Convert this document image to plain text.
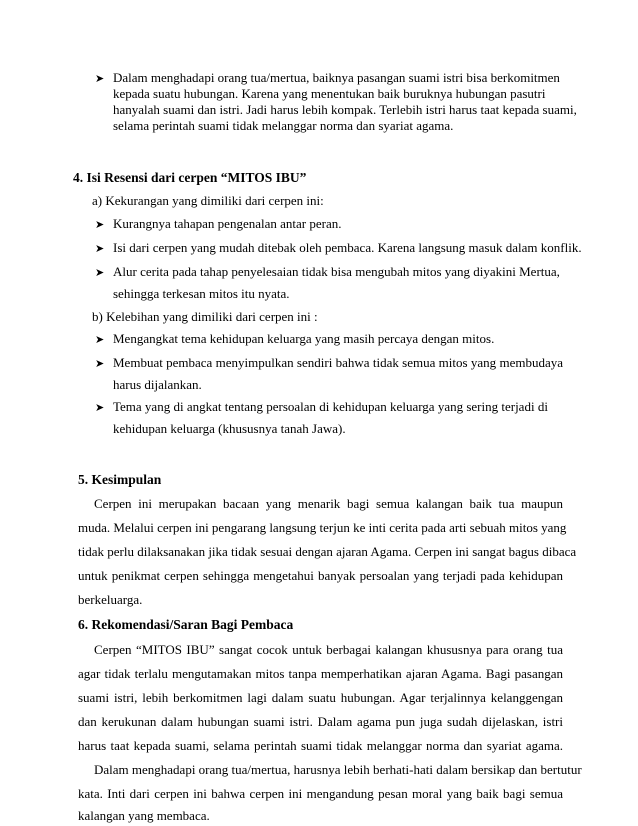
➤ Dalam menghadapi orang tua/mertua, baiknya pasangan suami istri bisa berkomitmen
kepada suatu hubungan. Karena yang menentukan baik buruknya hubungan pasutri
hanyalah suami dan istri. Jadi harus lebih kompak. Terlebih istri harus taat kepada suami,
selama perintah suami tidak melanggar norma dan syariat agama.
4. Isi Resensi dari cerpen “MITOS IBU”
a) Kekurangan yang dimiliki dari cerpen ini:
➤ Kurangnya tahapan pengenalan antar peran.
➤ Isi dari cerpen yang mudah ditebak oleh pembaca. Karena langsung masuk dalam konflik.
➤ Alur cerita pada tahap penyelesaian tidak bisa mengubah mitos yang diyakini Mertua,
sehingga terkesan mitos itu nyata.
b) Kelebihan yang dimiliki dari cerpen ini :
➤ Mengangkat tema kehidupan keluarga yang masih percaya dengan mitos.
➤ Membuat pembaca menyimpulkan sendiri bahwa tidak semua mitos yang membudaya
harus dijalankan.
➤ Tema yang di angkat tentang persoalan di kehidupan keluarga yang sering terjadi di
kehidupan keluarga (khususnya tanah Jawa).
5. Kesimpulan
Cerpen ini merupakan bacaan yang menarik bagi semua kalangan baik tua maupun
muda. Melalui cerpen ini pengarang langsung terjun ke inti cerita pada arti sebuah mitos yang
tidak perlu dilaksanakan jika tidak sesuai dengan ajaran Agama. Cerpen ini sangat bagus dibaca
untuk penikmat cerpen sehingga mengetahui banyak persoalan yang terjadi pada kehidupan
berkeluarga.
6. Rekomendasi/Saran Bagi Pembaca
Cerpen “MITOS IBU” sangat cocok untuk berbagai kalangan khususnya para orang tua
agar tidak terlalu mengutamakan mitos tanpa memperhatikan ajaran Agama. Bagi pasangan
suami istri, lebih berkomitmen lagi dalam suatu hubungan. Agar terjalinnya kelanggengan
dan kerukunan dalam hubungan suami istri. Dalam agama pun juga sudah dijelaskan, istri
harus taat kepada suami, selama perintah suami tidak melanggar norma dan syariat agama.
Dalam menghadapi orang tua/mertua, harusnya lebih berhati-hati dalam bersikap dan bertutur
kata. Inti dari cerpen ini bahwa cerpen ini mengandung pesan moral yang baik bagi semua
kalangan yang membaca.
